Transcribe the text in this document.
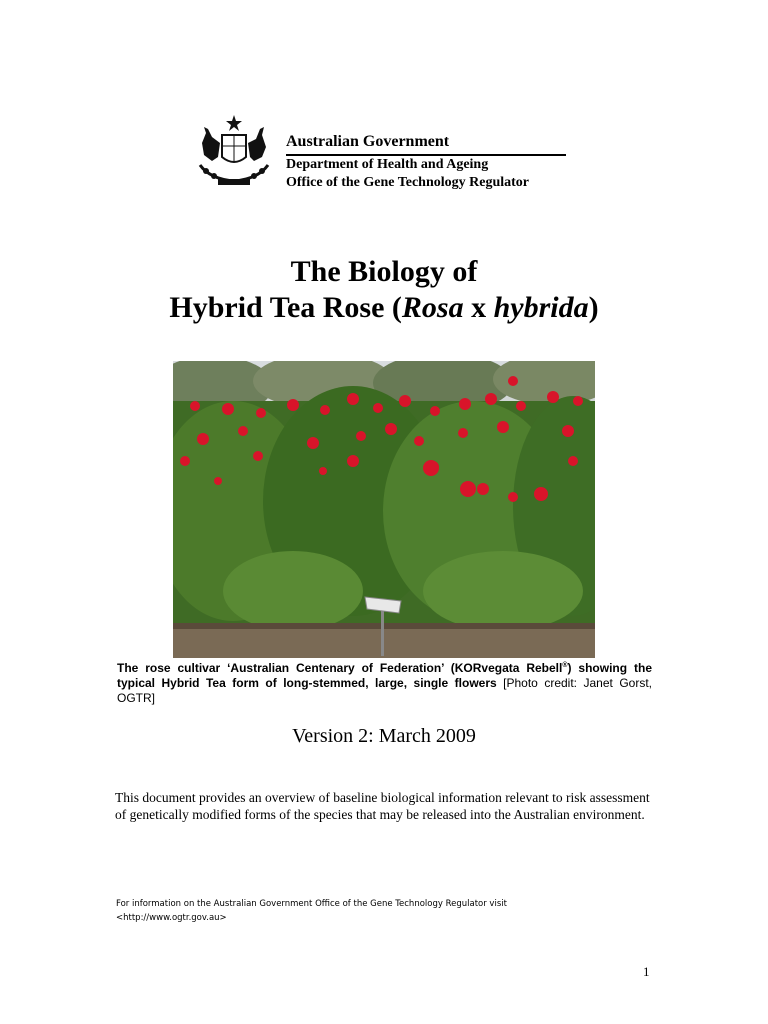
Australian Government
Department of Health and Ageing
Office of the Gene Technology Regulator
The Biology of
Hybrid Tea Rose (Rosa x hybrida)
The rose cultivar ‘Australian Centenary of Federation’ (KORvegata Rebell®) showing the typical Hybrid Tea form of long-stemmed, large, single flowers [Photo credit: Janet Gorst, OGTR]
Version 2: March 2009
This document provides an overview of baseline biological information relevant to risk assessment of genetically modified forms of the species that may be released into the Australian environment.
For information on the Australian Government Office of the Gene Technology Regulator visit
<http://www.ogtr.gov.au>
1
